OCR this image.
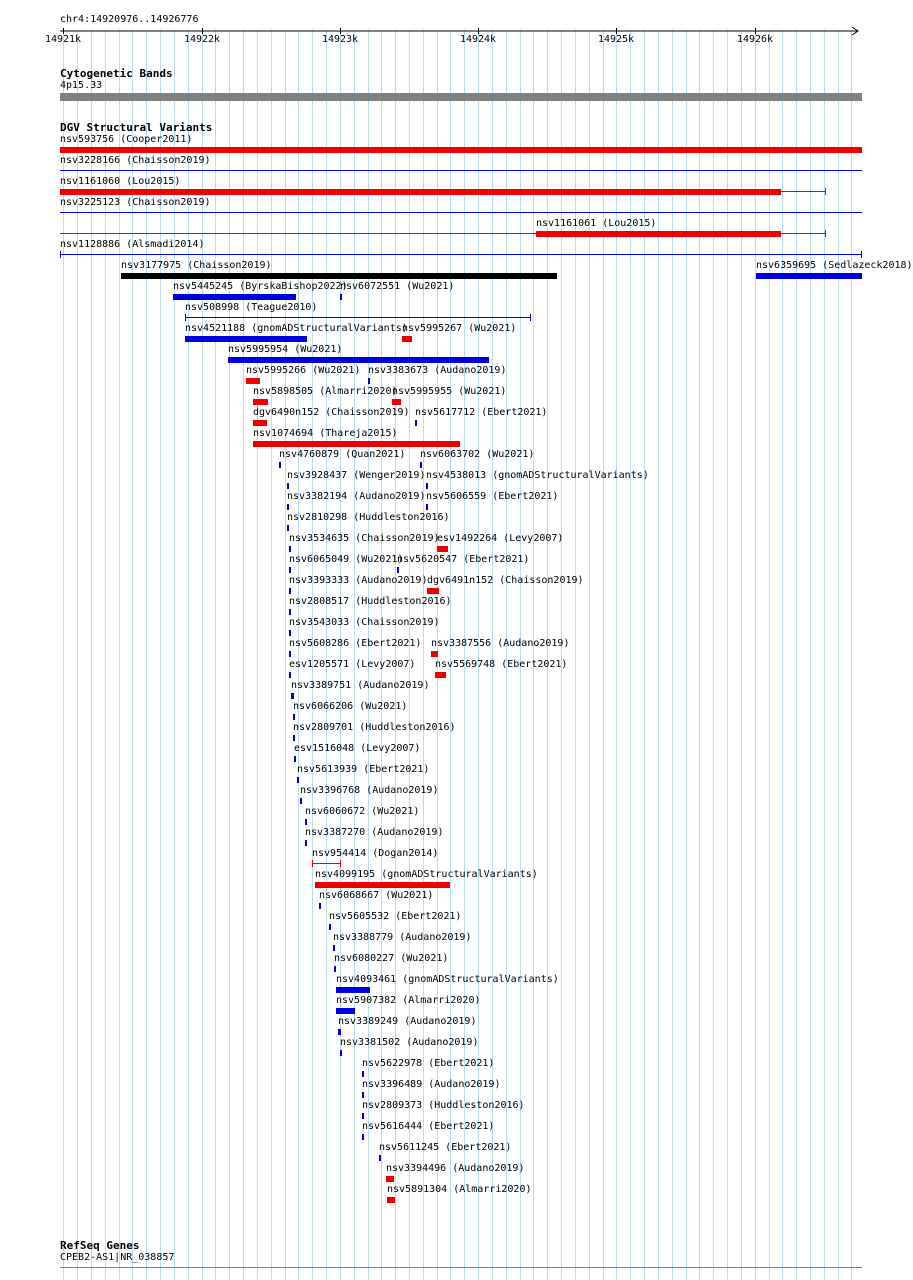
chr4:14920976..14926776
14921k	14922k	14923k	14924k	14925k	14926k
Cytogenetic Bands
4p15.33
DGV Structural Variants
nsv593756 (Cooper2011)
nsv3228166 (Chaisson2019)
nsv1161060 (Lou2015)
nsv3225123 (Chaisson2019)
nsv1161061 (Lou2015)
nsv1128886 (Alsmadi2014)
nsv3177975 (Chaisson2019)	nsv6359695 (Sedlazeck2018)
nsv5445245 (ByrskaBishop2022)
nsv6072551 (Wu2021)
nsv508998 (Teague2010)
nsv4521188 (gnomADStructuralVariants)
nsv5995267 (Wu2021)
nsv5995954 (Wu2021)
nsv5995266 (Wu2021) nsv3383673 (Audano2019)
nsv5898505 (Almarri2020)
nsv5995955 (Wu2021)
dgv6490n152 (Chaisson2019) nsv5617712 (Ebert2021)
nsv1074694 (Thareja2015)
nsv4760879 (Quan2021) nsv6063702 (Wu2021)
nsv3928437 (Wenger2019) nsv4538013 (gnomADStructuralVariants)
nsv3382194 (Audano2019) nsv5606559 (Ebert2021)
nsv2810298 (Huddleston2016)
nsv3534635 (Chaisson2019)
esv1492264 (Levy2007)
nsv6065049 (Wu2021)
nsv5620547 (Ebert2021)
nsv3393333 (Audano2019) dgv6491n152 (Chaisson2019)
nsv2808517 (Huddleston2016)
nsv3543033 (Chaisson2019)
nsv5608286 (Ebert2021) nsv3387556 (Audano2019)
esv1205571 (Levy2007) nsv5569748 (Ebert2021)
nsv3389751 (Audano2019)
nsv6066206 (Wu2021)
nsv2809701 (Huddleston2016)
esv1516048 (Levy2007)
nsv5613939 (Ebert2021)
nsv3396768 (Audano2019)
nsv6060672 (Wu2021)
nsv3387270 (Audano2019)
nsv954414 (Dogan2014)
nsv4099195 (gnomADStructuralVariants)
nsv6068667 (Wu2021)
nsv5605532 (Ebert2021)
nsv3388779 (Audano2019)
nsv6080227 (Wu2021)
nsv4093461 (gnomADStructuralVariants)
nsv5907382 (Almarri2020)
nsv3389249 (Audano2019)
nsv3381502 (Audano2019)
nsv5622978 (Ebert2021)
nsv3396489 (Audano2019)
nsv2809373 (Huddleston2016)
nsv5616444 (Ebert2021)
nsv5611245 (Ebert2021)
nsv3394496 (Audano2019)
nsv5891304 (Almarri2020)
RefSeq Genes
CPEB2-AS1|NR_038857
